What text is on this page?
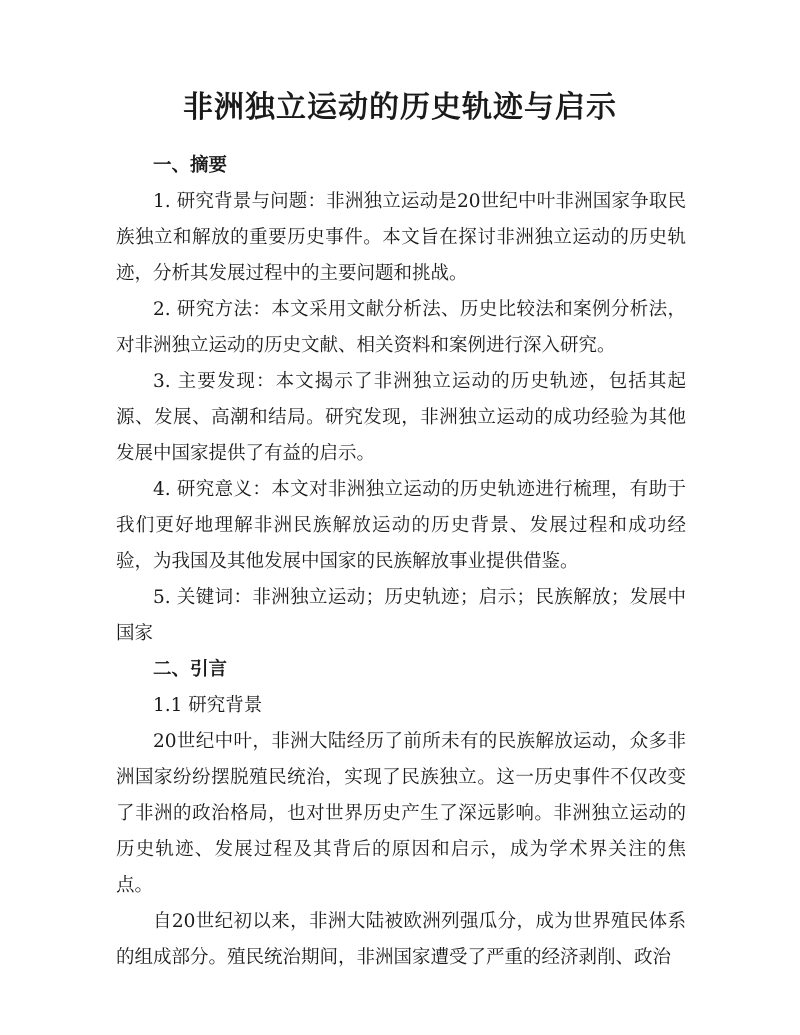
非洲独立运动的历史轨迹与启示

一、摘要

1. 研究背景与问题：非洲独立运动是20世纪中叶非洲国家争取民族独立和解放的重要历史事件。本文旨在探讨非洲独立运动的历史轨迹，分析其发展过程中的主要问题和挑战。

2. 研究方法：本文采用文献分析法、历史比较法和案例分析法，对非洲独立运动的历史文献、相关资料和案例进行深入研究。

3. 主要发现：本文揭示了非洲独立运动的历史轨迹，包括其起源、发展、高潮和结局。研究发现，非洲独立运动的成功经验为其他发展中国家提供了有益的启示。

4. 研究意义：本文对非洲独立运动的历史轨迹进行梳理，有助于我们更好地理解非洲民族解放运动的历史背景、发展过程和成功经验，为我国及其他发展中国家的民族解放事业提供借鉴。

5. 关键词：非洲独立运动；历史轨迹；启示；民族解放；发展中国家

二、引言

1.1 研究背景

20世纪中叶，非洲大陆经历了前所未有的民族解放运动，众多非洲国家纷纷摆脱殖民统治，实现了民族独立。这一历史事件不仅改变了非洲的政治格局，也对世界历史产生了深远影响。非洲独立运动的历史轨迹、发展过程及其背后的原因和启示，成为学术界关注的焦点。

自20世纪初以来，非洲大陆被欧洲列强瓜分，成为世界殖民体系的组成部分。殖民统治期间，非洲国家遭受了严重的经济剥削、政治
